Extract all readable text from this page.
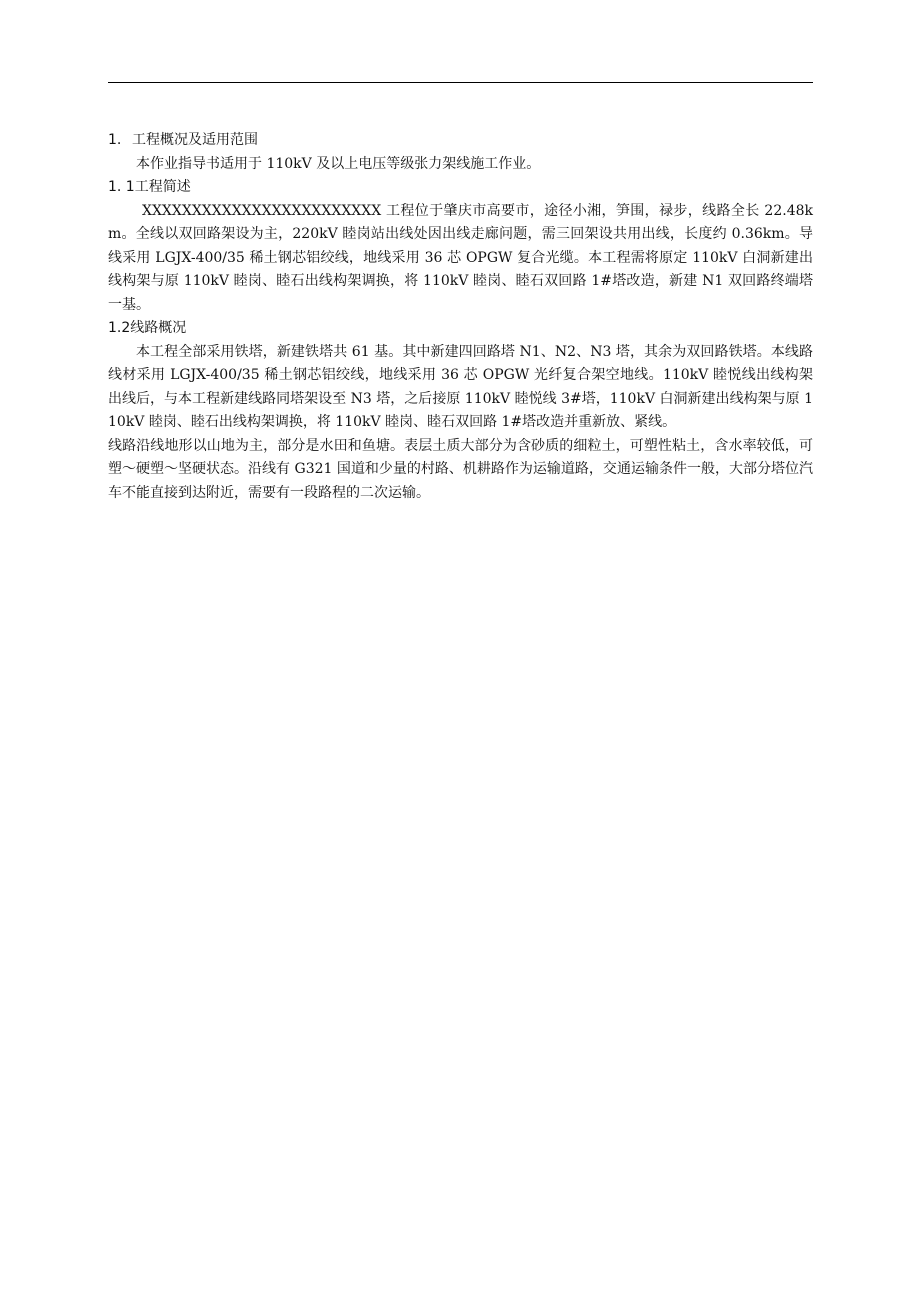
1. 工程概况及适用范围

本作业指导书适用于 110kV 及以上电压等级张力架线施工作业。

1. 1工程简述

XXXXXXXXXXXXXXXXXXXXXXXX 工程位于肇庆市高要市，途径小湘，笋围，禄步，线路全长 22.48km。全线以双回路架设为主，220kV 睦岗站出线处因出线走廊问题，需三回架设共用出线，长度约 0.36km。导线采用 LGJX-400/35 稀土钢芯铝绞线，地线采用 36 芯 OPGW 复合光缆。本工程需将原定 110kV 白洞新建出线构架与原 110kV 睦岗、睦石出线构架调换，将 110kV 睦岗、睦石双回路 1#塔改造，新建 N1 双回路终端塔一基。

1.2线路概况

本工程全部采用铁塔，新建铁塔共 61 基。其中新建四回路塔 N1、N2、N3 塔，其余为双回路铁塔。本线路线材采用 LGJX-400/35 稀土钢芯铝绞线，地线采用 36 芯 OPGW 光纤复合架空地线。110kV 睦悦线出线构架出线后，与本工程新建线路同塔架设至 N3 塔，之后接原 110kV 睦悦线 3#塔，110kV 白洞新建出线构架与原 110kV 睦岗、睦石出线构架调换，将 110kV 睦岗、睦石双回路 1#塔改造并重新放、紧线。

线路沿线地形以山地为主，部分是水田和鱼塘。表层土质大部分为含砂质的细粒土，可塑性粘土，含水率较低，可塑～硬塑～坚硬状态。沿线有 G321 国道和少量的村路、机耕路作为运输道路，交通运输条件一般，大部分塔位汽车不能直接到达附近，需要有一段路程的二次运输。
